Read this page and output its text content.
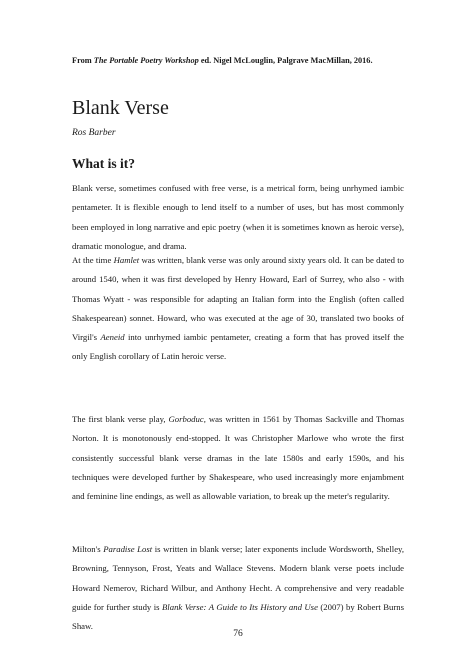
From The Portable Poetry Workshop ed. Nigel McLouglin, Palgrave MacMillan, 2016.
Blank Verse
Ros Barber
What is it?

Blank verse, sometimes confused with free verse, is a metrical form, being unrhymed iambic pentameter. It is flexible enough to lend itself to a number of uses, but has most commonly been employed in long narrative and epic poetry (when it is sometimes known as heroic verse), dramatic monologue, and drama.

At the time Hamlet was written, blank verse was only around sixty years old. It can be dated to around 1540, when it was first developed by Henry Howard, Earl of Surrey, who also - with Thomas Wyatt - was responsible for adapting an Italian form into the English (often called Shakespearean) sonnet. Howard, who was executed at the age of 30, translated two books of Virgil's Aeneid into unrhymed iambic pentameter, creating a form that has proved itself the only English corollary of Latin heroic verse.

The first blank verse play, Gorboduc, was written in 1561 by Thomas Sackville and Thomas Norton. It is monotonously end-stopped. It was Christopher Marlowe who wrote the first consistently successful blank verse dramas in the late 1580s and early 1590s, and his techniques were developed further by Shakespeare, who used increasingly more enjambment and feminine line endings, as well as allowable variation, to break up the meter's regularity.

Milton's Paradise Lost is written in blank verse; later exponents include Wordsworth, Shelley, Browning, Tennyson, Frost, Yeats and Wallace Stevens. Modern blank verse poets include Howard Nemerov, Richard Wilbur, and Anthony Hecht. A comprehensive and very readable guide for further study is Blank Verse: A Guide to Its History and Use (2007) by Robert Burns Shaw.

76
